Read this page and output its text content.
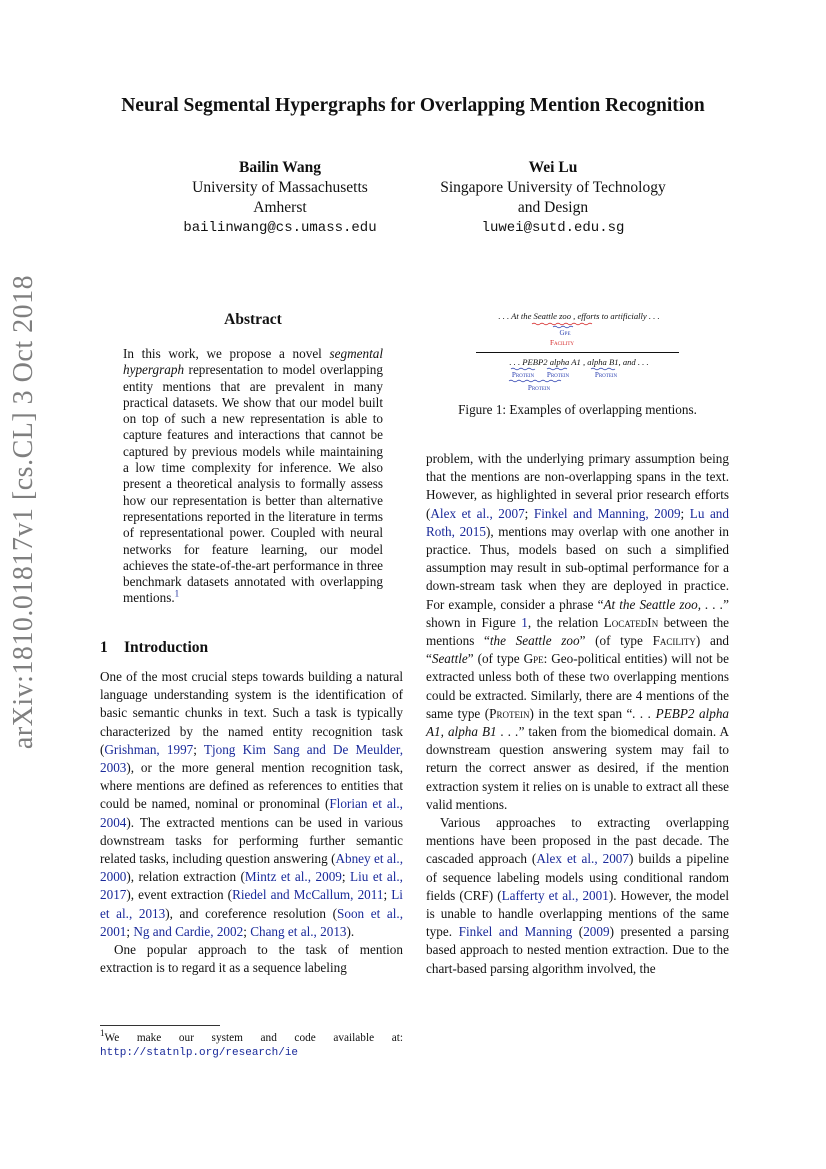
arXiv:1810.01817v1 [cs.CL] 3 Oct 2018
Neural Segmental Hypergraphs for Overlapping Mention Recognition
Bailin Wang
University of Massachusetts
Amherst
bailinwang@cs.umass.edu
Wei Lu
Singapore University of Technology
and Design
luwei@sutd.edu.sg
Abstract
In this work, we propose a novel segmental hypergraph representation to model overlapping entity mentions that are prevalent in many practical datasets. We show that our model built on top of such a new representation is able to capture features and interactions that cannot be captured by previous models while maintaining a low time complexity for inference. We also present a theoretical analysis to formally assess how our representation is better than alternative representations reported in the literature in terms of representational power. Coupled with neural networks for feature learning, our model achieves the state-of-the-art performance in three benchmark datasets annotated with overlapping mentions.$^1$
1 Introduction

One of the most crucial steps towards building a natural language understanding system is the identification of basic semantic chunks in text. Such a task is typically characterized by the named entity recognition task (Grishman, 1997; Tjong Kim Sang and De Meulder, 2003), or the more general mention recognition task, where mentions are defined as references to entities that could be named, nominal or pronominal (Florian et al., 2004). The extracted mentions can be used in various downstream tasks for performing further semantic related tasks, including question answering (Abney et al., 2000), relation extraction (Mintz et al., 2009; Liu et al., 2017), event extraction (Riedel and McCallum, 2011; Li et al., 2013), and coreference resolution (Soon et al., 2001; Ng and Cardie, 2002; Chang et al., 2013).

One popular approach to the task of mention extraction is to regard it as a sequence labeling

$^1$We make our system and code available at: http://statnlp.org/research/ie
. . . At the Seattle zoo , efforts to artificially . . .
Gpe
Facility
. . . PEBP2 alpha A1 , alpha B1, and . . .
Protein Protein	Protein
Protein
Figure 1: Examples of overlapping mentions.

problem, with the underlying primary assumption being that the mentions are non-overlapping spans in the text. However, as highlighted in several prior research efforts (Alex et al., 2007; Finkel and Manning, 2009; Lu and Roth, 2015), mentions may overlap with one another in practice. Thus, models based on such a simplified assumption may result in sub-optimal performance for a down-stream task when they are deployed in practice. For example, consider a phrase “At the Seattle zoo, . . .” shown in Figure 1, the relation LocatedIn between the mentions “the Seattle zoo” (of type Facility) and “Seattle” (of type Gpe: Geo-political entities) will not be extracted unless both of these two overlapping mentions could be extracted. Similarly, there are 4 mentions of the same type (Protein) in the text span “. . . PEBP2 alpha A1, alpha B1 . . .” taken from the biomedical domain. A downstream question answering system may fail to return the correct answer as desired, if the mention extraction system it relies on is unable to extract all these valid mentions.

Various approaches to extracting overlapping mentions have been proposed in the past decade. The cascaded approach (Alex et al., 2007) builds a pipeline of sequence labeling models using conditional random fields (CRF) (Lafferty et al., 2001). However, the model is unable to handle overlapping mentions of the same type. Finkel and Manning (2009) presented a parsing based approach to nested mention extraction. Due to the chart-based parsing algorithm involved, the
